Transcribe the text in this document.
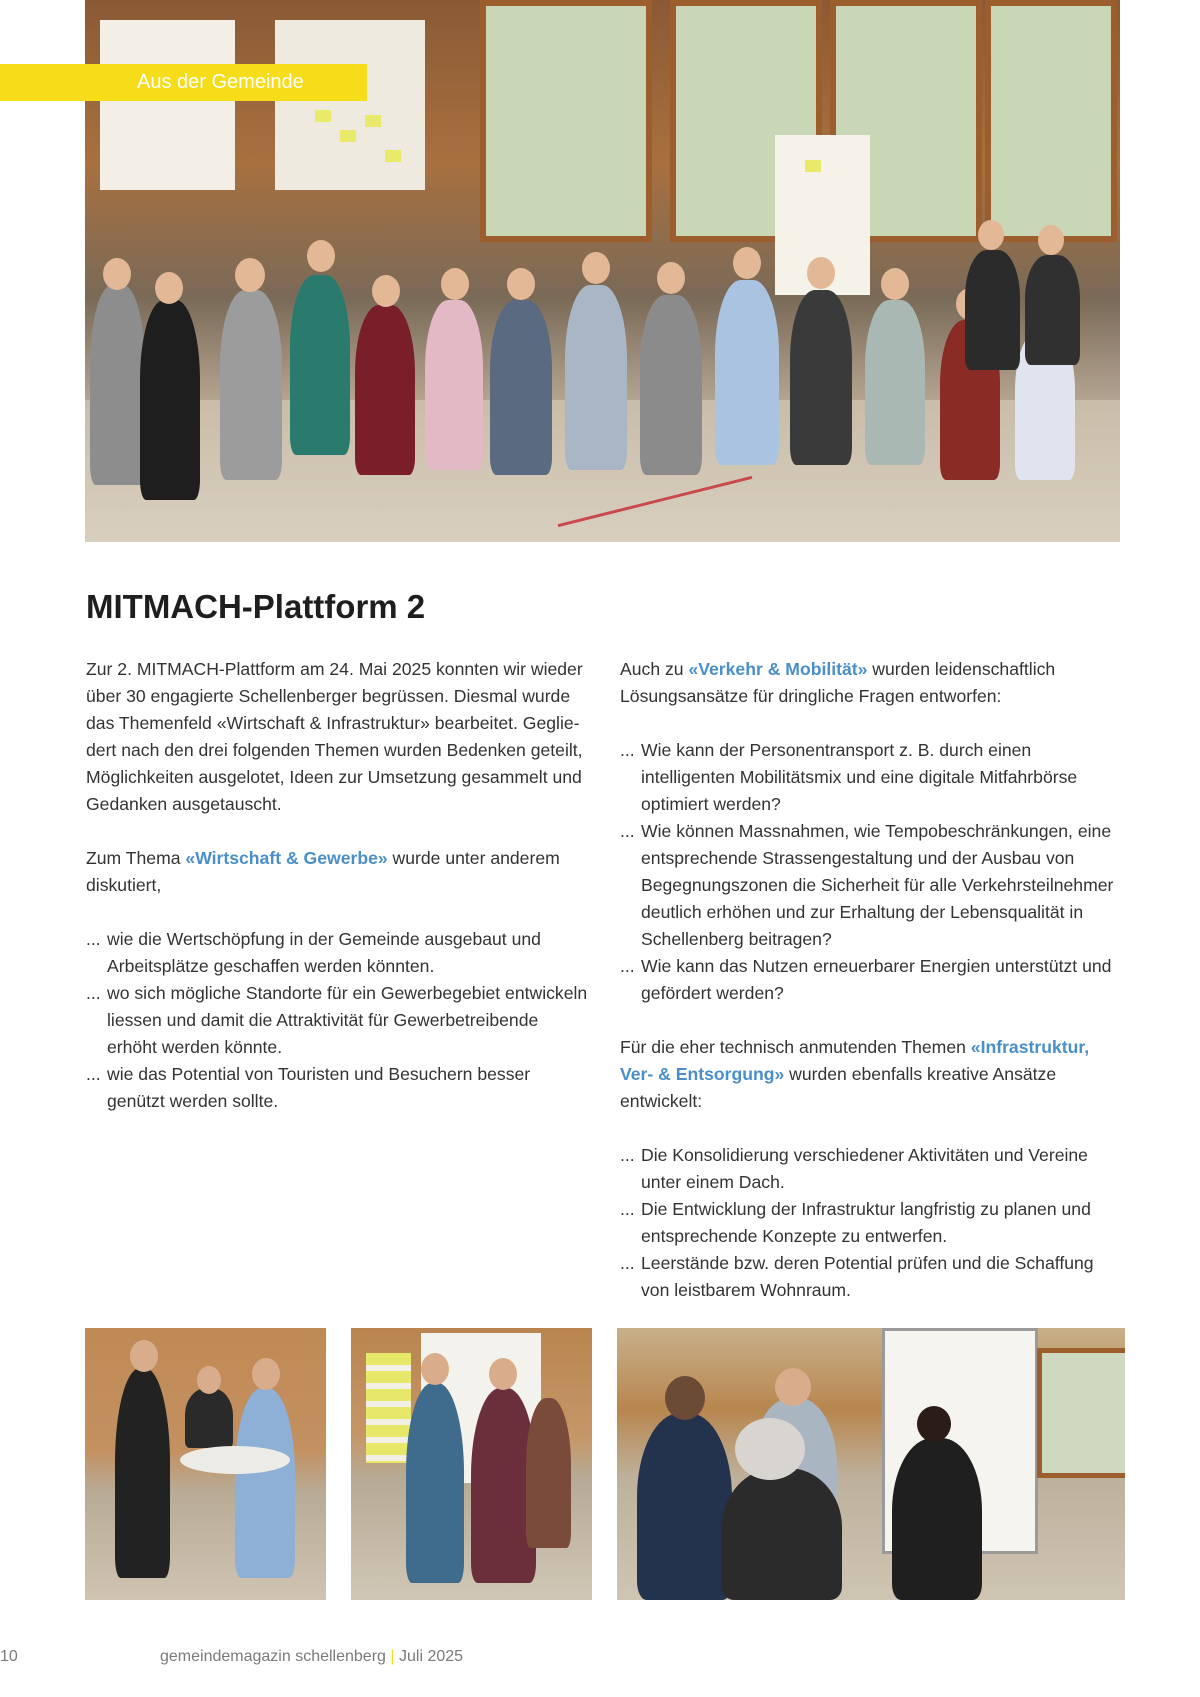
Aus der Gemeinde
MITMACH-Plattform 2

Zur 2. MITMACH-Plattform am 24. Mai 2025 konnten wir wieder über 30 engagierte Schellenberger begrüssen. Diesmal wurde das Themenfeld «Wirtschaft & Infrastruktur» bearbeitet. Gegliedert nach den drei folgenden Themen wurden Bedenken geteilt, Möglichkeiten ausgelotet, Ideen zur Umsetzung gesammelt und Gedanken ausgetauscht.

Zum Thema «Wirtschaft & Gewerbe» wurde unter anderem diskutiert,

... wie die Wertschöpfung in der Gemeinde ausgebaut und Arbeitsplätze geschaffen werden könnten.
... wo sich mögliche Standorte für ein Gewerbegebiet entwickeln liessen und damit die Attraktivität für Gewerbetreibende erhöht werden könnte.
... wie das Potential von Touristen und Besuchern besser genützt werden sollte.

Auch zu «Verkehr & Mobilität» wurden leidenschaftlich Lösungsansätze für dringliche Fragen entworfen:

... Wie kann der Personentransport z. B. durch einen intelligenten Mobilitätsmix und eine digitale Mitfahrbörse optimiert werden?
... Wie können Massnahmen, wie Tempobeschränkungen, eine entsprechende Strassengestaltung und der Ausbau von Begegnungszonen die Sicherheit für alle Verkehrsteilnehmer deutlich erhöhen und zur Erhaltung der Lebensqualität in Schellenberg beitragen?
... Wie kann das Nutzen erneuerbarer Energien unterstützt und gefördert werden?

Für die eher technisch anmutenden Themen «Infrastruktur, Ver- & Entsorgung» wurden ebenfalls kreative Ansätze entwickelt:

... Die Konsolidierung verschiedener Aktivitäten und Vereine unter einem Dach.
... Die Entwicklung der Infrastruktur langfristig zu planen und entsprechende Konzepte zu entwerfen.
... Leerstände bzw. deren Potential prüfen und die Schaffung von leistbarem Wohnraum.
10	gemeindemagazin schellenberg | Juli 2025
